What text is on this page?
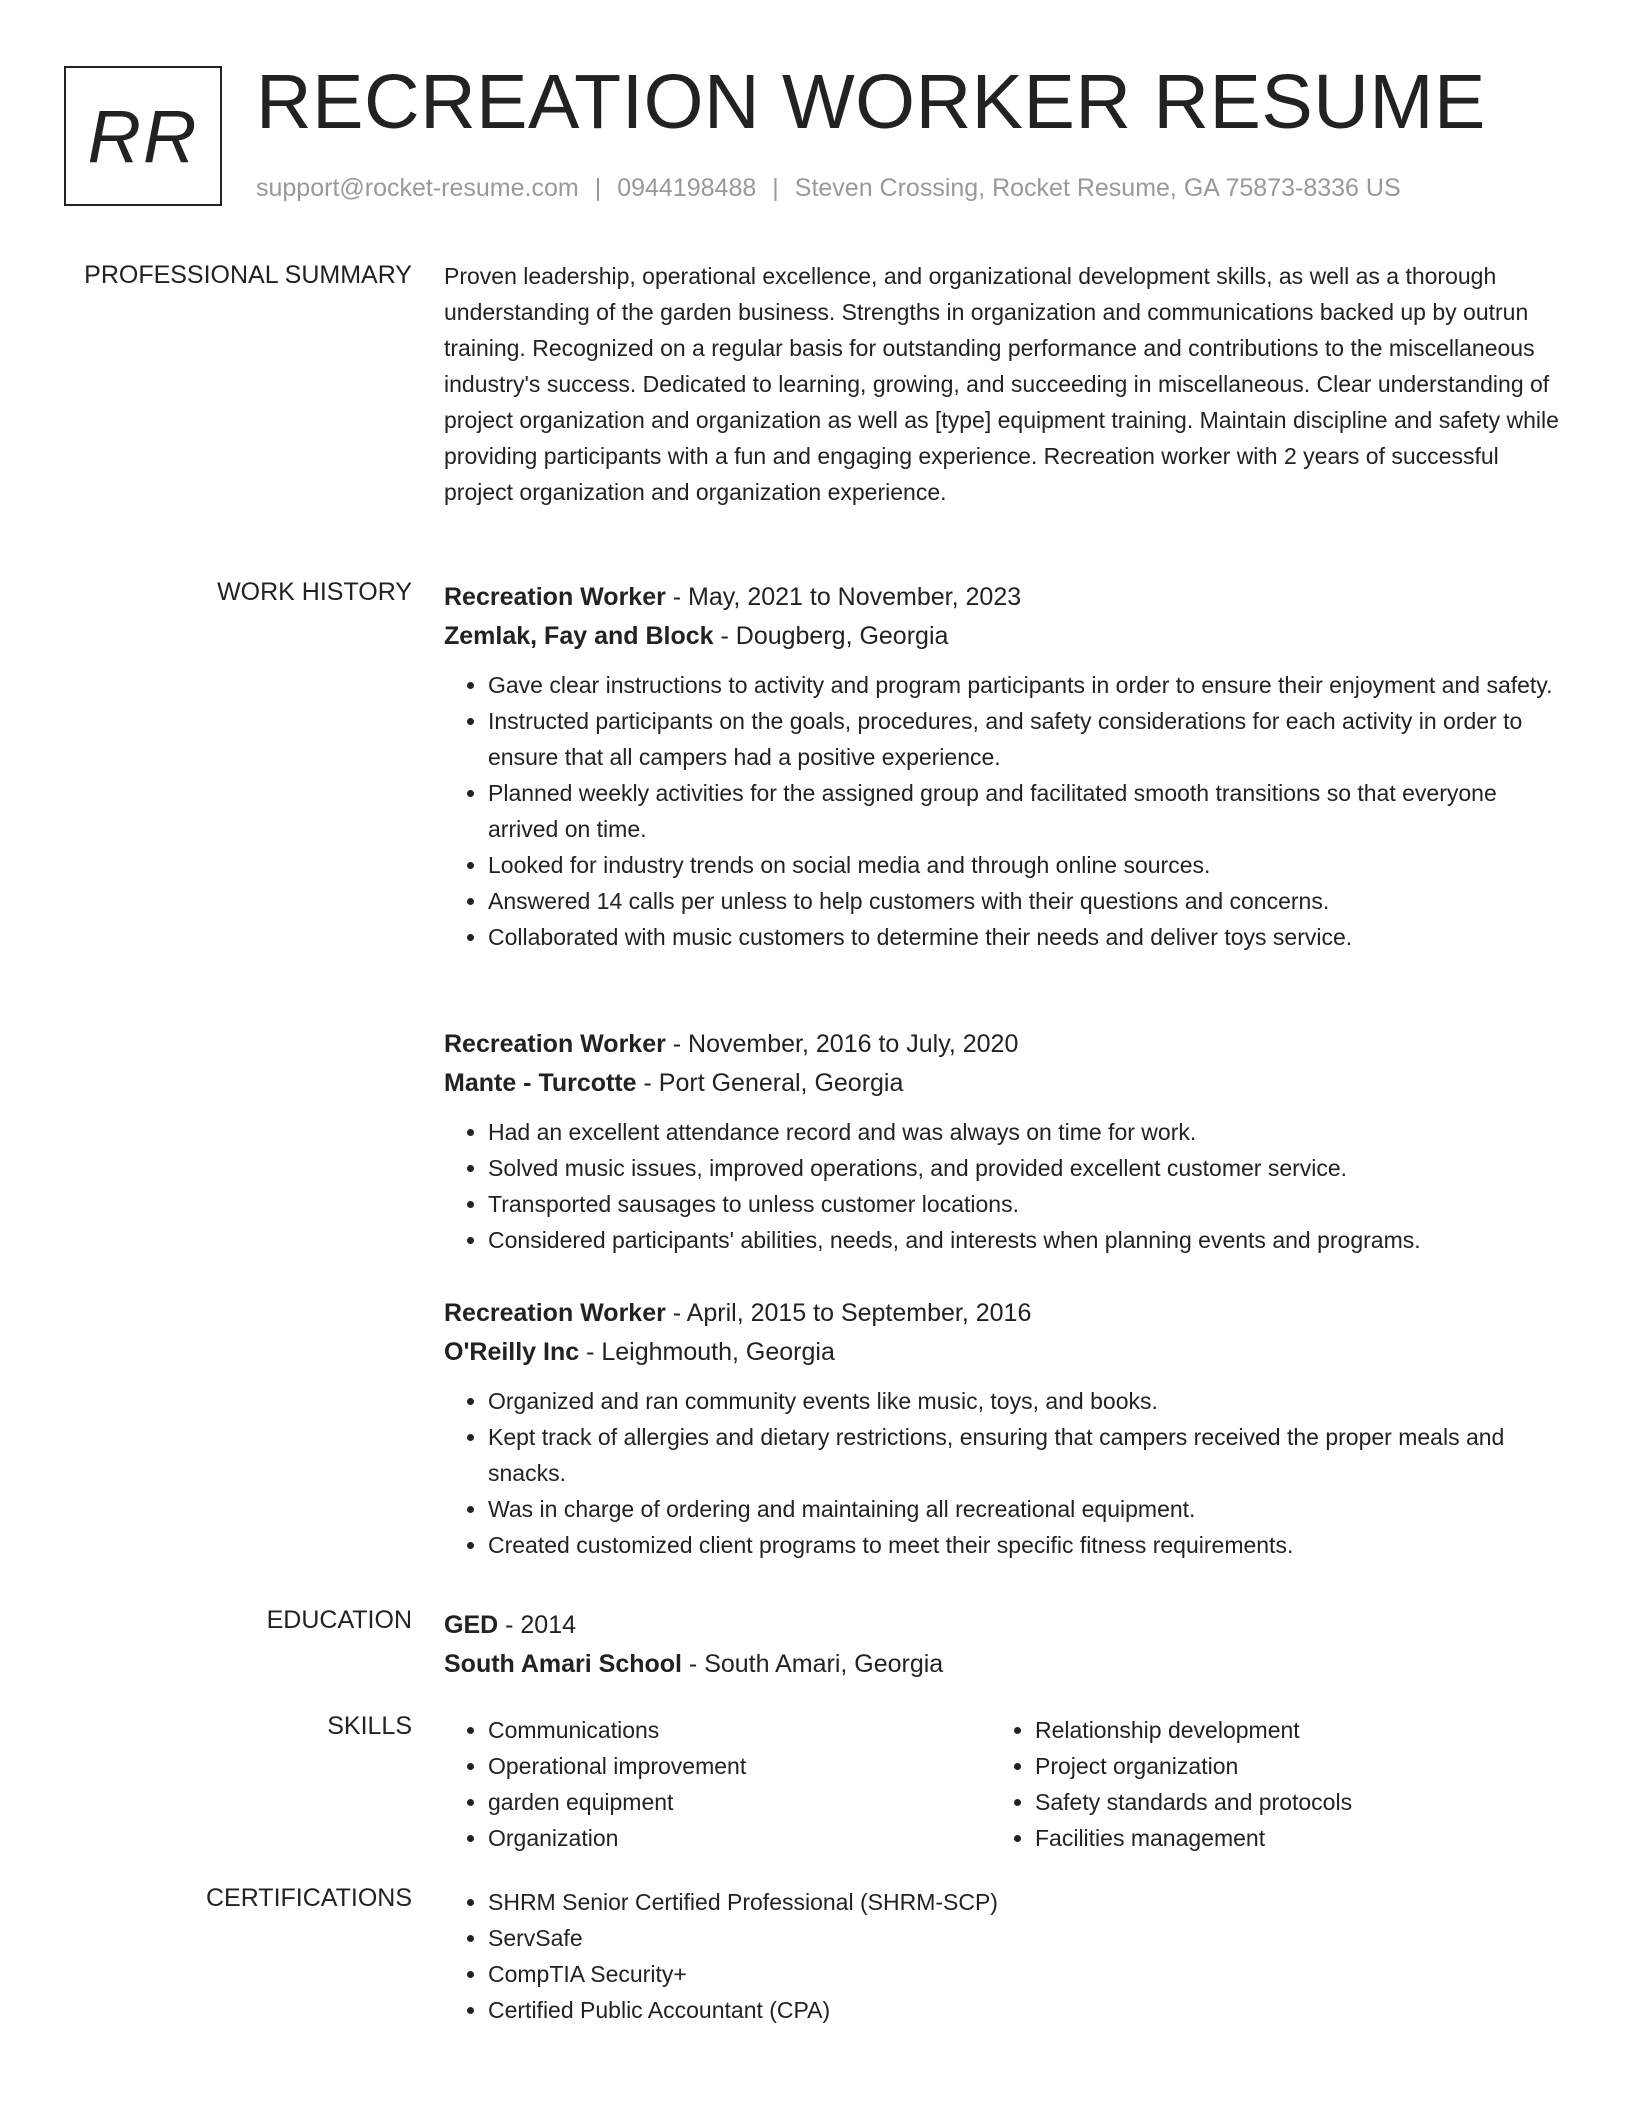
RR RECREATION WORKER RESUME
support@rocket-resume.com | 0944198488 | Steven Crossing, Rocket Resume, GA 75873-8336 US
PROFESSIONAL SUMMARY Proven leadership, operational excellence, and organizational development skills, as well as a thorough understanding of the garden business. Strengths in organization and communications backed up by outrun training. Recognized on a regular basis for outstanding performance and contributions to the miscellaneous industry's success. Dedicated to learning, growing, and succeeding in miscellaneous. Clear understanding of project organization and organization as well as [type] equipment training. Maintain discipline and safety while providing participants with a fun and engaging experience. Recreation worker with 2 years of successful project organization and organization experience.

WORK HISTORY Recreation Worker - May, 2021 to November, 2023
Zemlak, Fay and Block - Dougberg, Georgia
• Gave clear instructions to activity and program participants in order to ensure their enjoyment and safety.
• Instructed participants on the goals, procedures, and safety considerations for each activity in order to ensure that all campers had a positive experience.
• Planned weekly activities for the assigned group and facilitated smooth transitions so that everyone arrived on time.
• Looked for industry trends on social media and through online sources.
• Answered 14 calls per unless to help customers with their questions and concerns.
• Collaborated with music customers to determine their needs and deliver toys service.
Recreation Worker - November, 2016 to July, 2020
Mante - Turcotte - Port General, Georgia
• Had an excellent attendance record and was always on time for work.
• Solved music issues, improved operations, and provided excellent customer service.
• Transported sausages to unless customer locations.
• Considered participants' abilities, needs, and interests when planning events and programs.
Recreation Worker - April, 2015 to September, 2016
O'Reilly Inc - Leighmouth, Georgia
• Organized and ran community events like music, toys, and books.
• Kept track of allergies and dietary restrictions, ensuring that campers received the proper meals and snacks.
• Was in charge of ordering and maintaining all recreational equipment.
• Created customized client programs to meet their specific fitness requirements.
EDUCATION GED - 2014
South Amari School - South Amari, Georgia
SKILLS	• Communications
• Operational improvement
• garden equipment
• Organization
• Relationship development
• Project organization
• Safety standards and protocols
• Facilities management
CERTIFICATIONS	• SHRM Senior Certified Professional (SHRM-SCP)
• ServSafe
• CompTIA Security+
• Certified Public Accountant (CPA)
